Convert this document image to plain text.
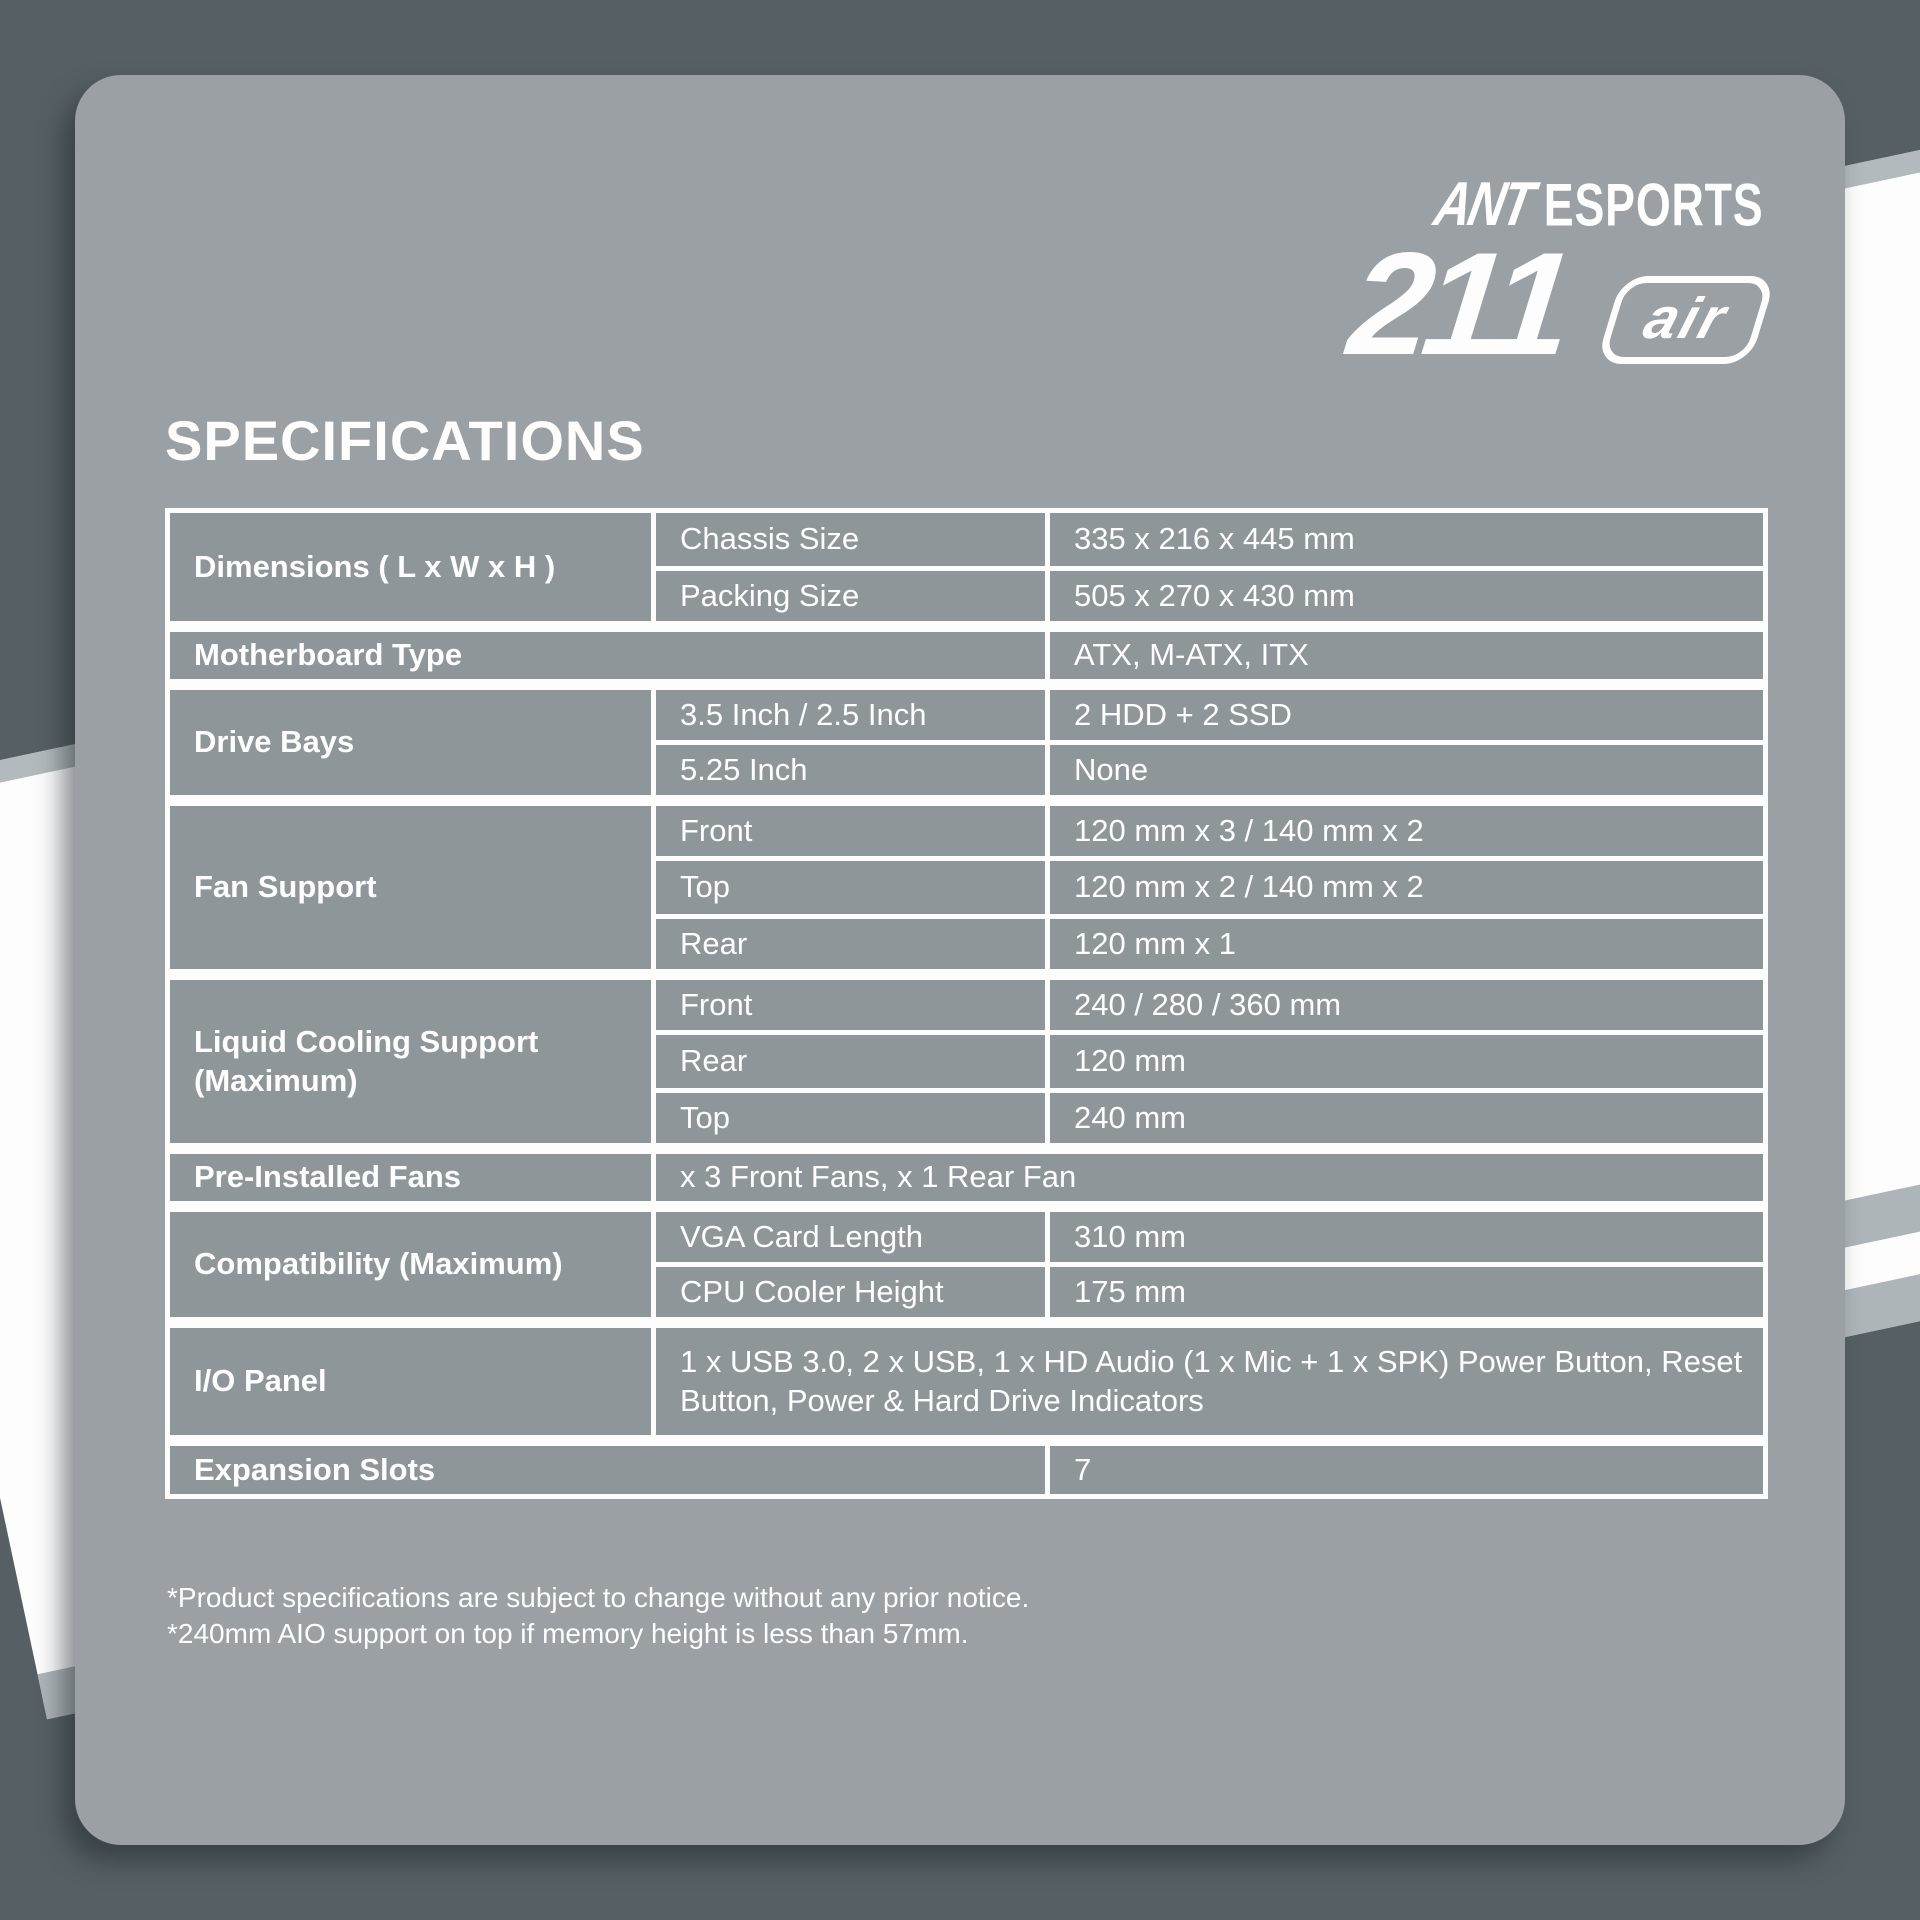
ANT ESPORTS
211 air
SPECIFICATIONS
Dimensions ( L x W x H )	Chassis Size	335 x 216 x 445 mm
	Packing Size	505 x 270 x 430 mm
Motherboard Type		ATX, M-ATX, ITX
Drive Bays	3.5 Inch / 2.5 Inch	2 HDD + 2 SSD
	5.25 Inch	None
Fan Support	Front	120 mm x 3 / 140 mm x 2
	Top	120 mm x 2 / 140 mm x 2
	Rear	120 mm x 1
Liquid Cooling Support (Maximum)	Front	240 / 280 / 360 mm
	Rear	120 mm
	Top	240 mm
Pre-Installed Fans	x 3 Front Fans, x 1 Rear Fan	
Compatibility (Maximum)	VGA Card Length	310 mm
	CPU Cooler Height	175 mm
I/O Panel	1 x USB 3.0, 2 x USB, 1 x HD Audio (1 x Mic + 1 x SPK) Power Button, Reset Button, Power & Hard Drive Indicators	
Expansion Slots		7
*Product specifications are subject to change without any prior notice.
*240mm AIO support on top if memory height is less than 57mm.
